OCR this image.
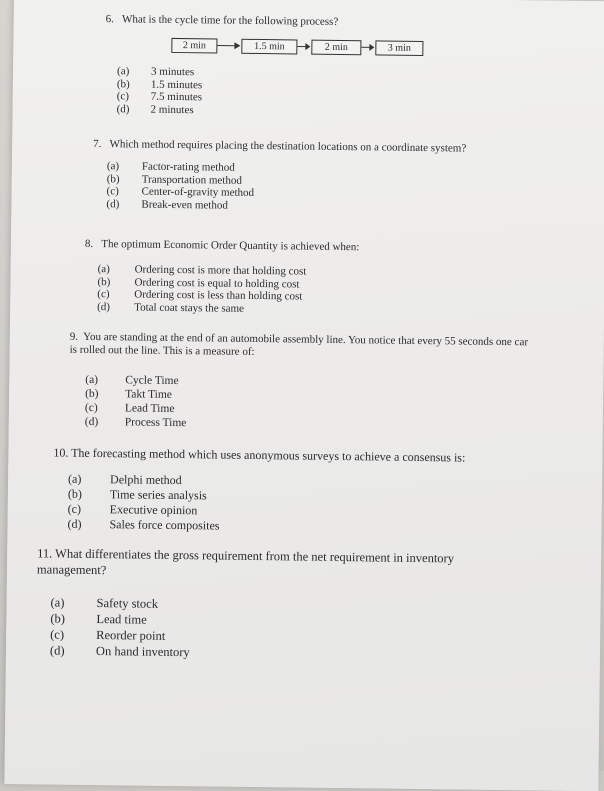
6. What is the cycle time for the following process?
2 min	1.5 min	2 min	3 min
(a)	3 minutes
(b)	1.5 minutes
(c)	7.5 minutes
(d)	2 minutes
7. Which method requires placing the destination locations on a coordinate system?
(a)	Factor-rating method
(b)	Transportation method
(c)	Center-of-gravity method
(d)	Break-even method
8. The optimum Economic Order Quantity is achieved when:
(a)	Ordering cost is more that holding cost
(b)	Ordering cost is equal to holding cost
(c)	Ordering cost is less than holding cost
(d)	Total coat stays the same
9. You are standing at the end of an automobile assembly line. You notice that every 55 seconds one car is rolled out the line. This is a measure of:
(a)	Cycle Time
(b)	Takt Time
(c)	Lead Time
(d)	Process Time
10. The forecasting method which uses anonymous surveys to achieve a consensus is:
(a)	Delphi method
(b)	Time series analysis
(c)	Executive opinion
(d)	Sales force composites
11. What differentiates the gross requirement from the net requirement in inventory management?
(a)	Safety stock
(b)	Lead time
(c)	Reorder point
(d)	On hand inventory
